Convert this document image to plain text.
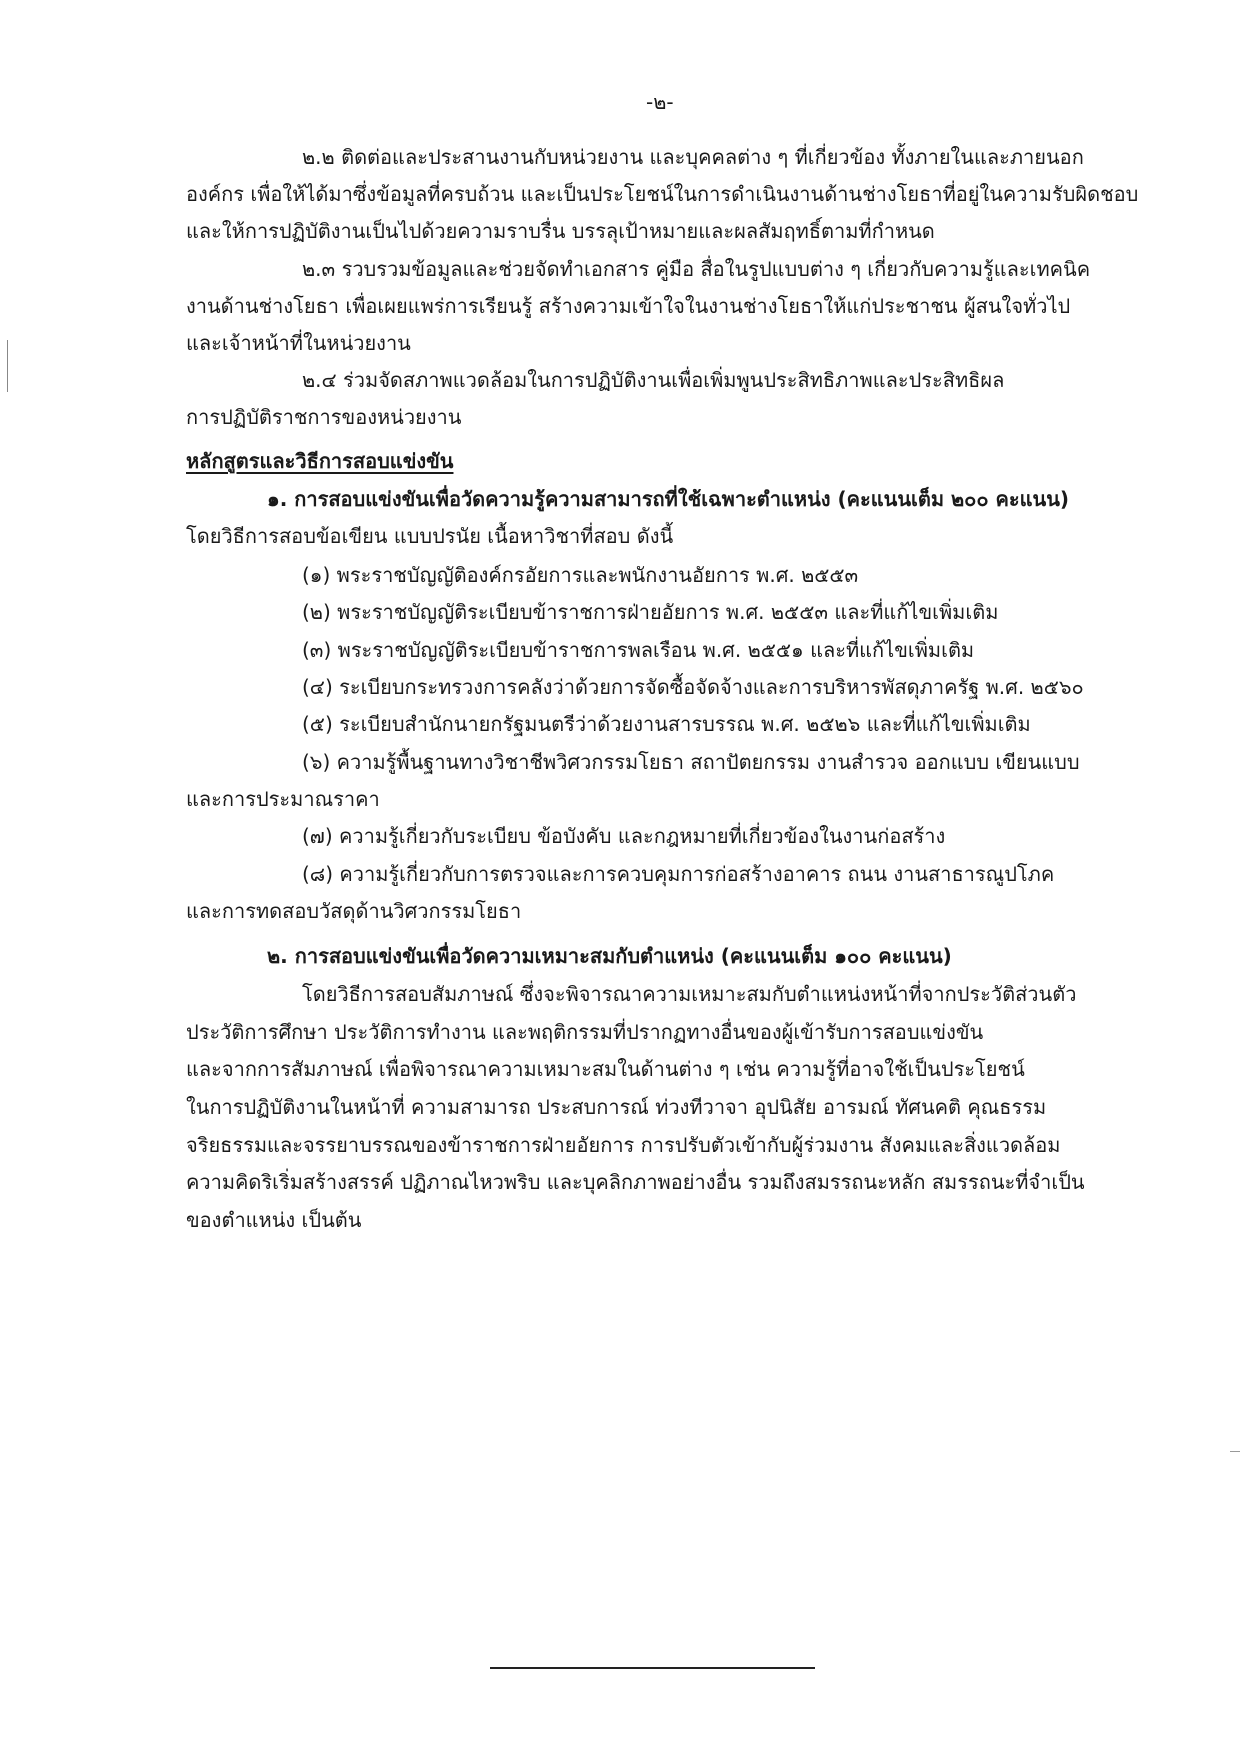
-๒-
๒.๒ ติดต่อและประสานงานกับหน่วยงาน และบุคคลต่าง ๆ ที่เกี่ยวข้อง ทั้งภายในและภายนอก
องค์กร เพื่อให้ได้มาซึ่งข้อมูลที่ครบถ้วน และเป็นประโยชน์ในการดำเนินงานด้านช่างโยธาที่อยู่ในความรับผิดชอบ
และให้การปฏิบัติงานเป็นไปด้วยความราบรื่น บรรลุเป้าหมายและผลสัมฤทธิ์ตามที่กำหนด
๒.๓ รวบรวมข้อมูลและช่วยจัดทำเอกสาร คู่มือ สื่อในรูปแบบต่าง ๆ เกี่ยวกับความรู้และเทคนิค
งานด้านช่างโยธา เพื่อเผยแพร่การเรียนรู้ สร้างความเข้าใจในงานช่างโยธาให้แก่ประชาชน ผู้สนใจทั่วไป
และเจ้าหน้าที่ในหน่วยงาน
๒.๔ ร่วมจัดสภาพแวดล้อมในการปฏิบัติงานเพื่อเพิ่มพูนประสิทธิภาพและประสิทธิผล
การปฏิบัติราชการของหน่วยงาน
หลักสูตรและวิธีการสอบแข่งขัน
๑. การสอบแข่งขันเพื่อวัดความรู้ความสามารถที่ใช้เฉพาะตำแหน่ง (คะแนนเต็ม ๒๐๐ คะแนน)
โดยวิธีการสอบข้อเขียน แบบปรนัย เนื้อหาวิชาที่สอบ ดังนี้
(๑) พระราชบัญญัติองค์กรอัยการและพนักงานอัยการ พ.ศ. ๒๕๕๓
(๒) พระราชบัญญัติระเบียบข้าราชการฝ่ายอัยการ พ.ศ. ๒๕๕๓ และที่แก้ไขเพิ่มเติม
(๓) พระราชบัญญัติระเบียบข้าราชการพลเรือน พ.ศ. ๒๕๕๑ และที่แก้ไขเพิ่มเติม
(๔) ระเบียบกระทรวงการคลังว่าด้วยการจัดซื้อจัดจ้างและการบริหารพัสดุภาครัฐ พ.ศ. ๒๕๖๐
(๕) ระเบียบสำนักนายกรัฐมนตรีว่าด้วยงานสารบรรณ พ.ศ. ๒๕๒๖ และที่แก้ไขเพิ่มเติม
(๖) ความรู้พื้นฐานทางวิชาชีพวิศวกรรมโยธา สถาปัตยกรรม งานสำรวจ ออกแบบ เขียนแบบ
และการประมาณราคา
(๗) ความรู้เกี่ยวกับระเบียบ ข้อบังคับ และกฎหมายที่เกี่ยวข้องในงานก่อสร้าง
(๘) ความรู้เกี่ยวกับการตรวจและการควบคุมการก่อสร้างอาคาร ถนน งานสาธารณูปโภค
และการทดสอบวัสดุด้านวิศวกรรมโยธา
๒. การสอบแข่งขันเพื่อวัดความเหมาะสมกับตำแหน่ง (คะแนนเต็ม ๑๐๐ คะแนน)
โดยวิธีการสอบสัมภาษณ์ ซึ่งจะพิจารณาความเหมาะสมกับตำแหน่งหน้าที่จากประวัติส่วนตัว
ประวัติการศึกษา ประวัติการทำงาน และพฤติกรรมที่ปรากฏทางอื่นของผู้เข้ารับการสอบแข่งขัน
และจากการสัมภาษณ์ เพื่อพิจารณาความเหมาะสมในด้านต่าง ๆ เช่น ความรู้ที่อาจใช้เป็นประโยชน์
ในการปฏิบัติงานในหน้าที่ ความสามารถ ประสบการณ์ ท่วงทีวาจา อุปนิสัย อารมณ์ ทัศนคติ คุณธรรม
จริยธรรมและจรรยาบรรณของข้าราชการฝ่ายอัยการ การปรับตัวเข้ากับผู้ร่วมงาน สังคมและสิ่งแวดล้อม
ความคิดริเริ่มสร้างสรรค์ ปฏิภาณไหวพริบ และบุคลิกภาพอย่างอื่น รวมถึงสมรรถนะหลัก สมรรถนะที่จำเป็น
ของตำแหน่ง เป็นต้น
